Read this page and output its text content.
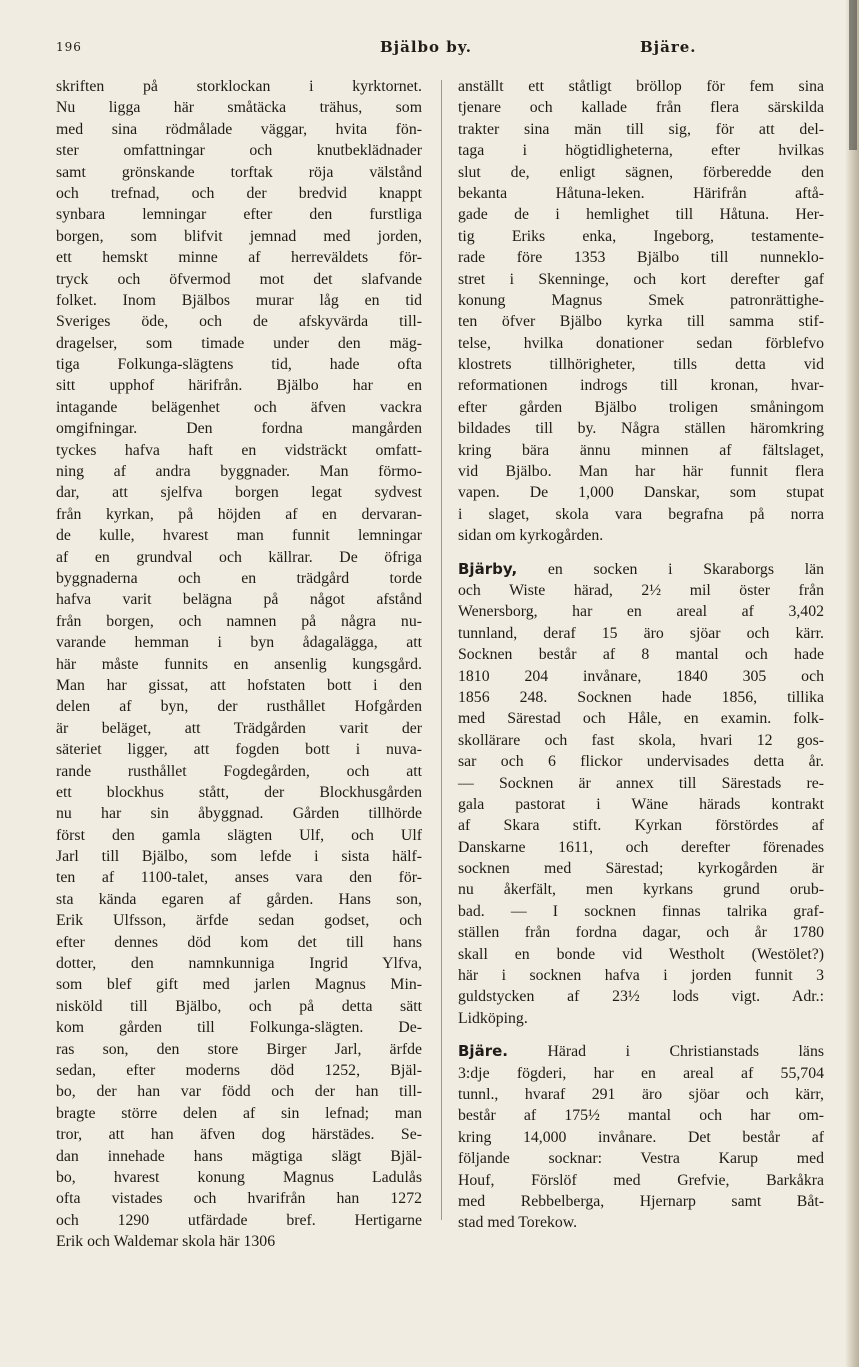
196	Bjälbo by.	Bjäre.
skriften på storklockan i kyrktornet.
Nu ligga här småtäcka trähus, som
med sina rödmålade väggar, hvita fön-
ster omfattningar och knutbeklädnader
samt grönskande torftak röja välstånd
och trefnad, och der bredvid knappt
synbara lemningar efter den furstliga
borgen, som blifvit jemnad med jorden,
ett hemskt minne af herreväldets för-
tryck och öfvermod mot det slafvande
folket. Inom Bjälbos murar låg en tid
Sveriges öde, och de afskyvärda till-
dragelser, som timade under den mäg-
tiga Folkunga-slägtens tid, hade ofta
sitt upphof härifrån. Bjälbo har en
intagande belägenhet och äfven vackra
omgifningar. Den fordna mangården
tyckes hafva haft en vidsträckt omfatt-
ning af andra byggnader. Man förmo-
dar, att sjelfva borgen legat sydvest
från kyrkan, på höjden af en dervaran-
de kulle, hvarest man funnit lemningar
af en grundval och källrar. De öfriga
byggnaderna och en trädgård torde
hafva varit belägna på något afstånd
från borgen, och namnen på några nu-
varande hemman i byn ådagalägga, att
här måste funnits en ansenlig kungsgård.
Man har gissat, att hofstaten bott i den
delen af byn, der rusthållet Hofgården
är beläget, att Trädgården varit der
säteriet ligger, att fogden bott i nuva-
rande rusthållet Fogdegården, och att
ett blockhus stått, der Blockhusgården
nu har sin åbyggnad. Gården tillhörde
först den gamla slägten Ulf, och Ulf
Jarl till Bjälbo, som lefde i sista hälf-
ten af 1100-talet, anses vara den för-
sta kända egaren af gården. Hans son,
Erik Ulfsson, ärfde sedan godset, och
efter dennes död kom det till hans
dotter, den namnkunniga Ingrid Ylfva,
som blef gift med jarlen Magnus Min-
nisköld till Bjälbo, och på detta sätt
kom gården till Folkunga-slägten. De-
ras son, den store Birger Jarl, ärfde
sedan, efter moderns död 1252, Bjäl-
bo, der han var född och der han till-
bragte större delen af sin lefnad; man
tror, att han äfven dog härstädes. Se-
dan innehade hans mägtiga slägt Bjäl-
bo, hvarest konung Magnus Ladulås
ofta vistades och hvarifrån han 1272
och 1290 utfärdade bref. Hertigarne
Erik och Waldemar skola här 1306
anställt ett ståtligt bröllop för fem sina
tjenare och kallade från flera särskilda
trakter sina män till sig, för att del-
taga i högtidligheterna, efter hvilkas
slut de, enligt sägnen, förberedde den
bekanta Håtuna-leken. Härifrån aftå-
gade de i hemlighet till Håtuna. Her-
tig Eriks enka, Ingeborg, testamente-
rade före 1353 Bjälbo till nunneklo-
stret i Skenninge, och kort derefter gaf
konung Magnus Smek patronrättighe-
ten öfver Bjälbo kyrka till samma stif-
telse, hvilka donationer sedan förblefvo
klostrets tillhörigheter, tills detta vid
reformationen indrogs till kronan, hvar-
efter gården Bjälbo troligen småningom
bildades till by. Några ställen häromkring
kring bära ännu minnen af fältslaget,
vid Bjälbo. Man har här funnit flera
vapen. De 1,000 Danskar, som stupat
i slaget, skola vara begrafna på norra
sidan om kyrkogården.
Bjärby, en socken i Skaraborgs län
och Wiste härad, 2½ mil öster från
Wenersborg, har en areal af 3,402
tunnland, deraf 15 äro sjöar och kärr.
Socknen består af 8 mantal och hade
1810 204 invånare, 1840 305 och
1856 248. Socknen hade 1856, tillika
med Särestad och Håle, en examin. folk-
skollärare och fast skola, hvari 12 gos-
sar och 6 flickor undervisades detta år.
— Socknen är annex till Särestads re-
gala pastorat i Wäne härads kontrakt
af Skara stift. Kyrkan förstördes af
Danskarne 1611, och derefter förenades
socknen med Särestad; kyrkogården är
nu åkerfält, men kyrkans grund orub-
bad. — I socknen finnas talrika graf-
ställen från fordna dagar, och år 1780
skall en bonde vid Westholt (Westölet?)
här i socknen hafva i jorden funnit 3
guldstycken af 23½ lods vigt. Adr.:
Lidköping.
Bjäre. Härad i Christianstads läns
3:dje fögderi, har en areal af 55,704
tunnl., hvaraf 291 äro sjöar och kärr,
består af 175½ mantal och har om-
kring 14,000 invånare. Det består af
följande socknar: Vestra Karup med
Houf, Förslöf med Grefvie, Barkåkra
med Rebbelberga, Hjernarp samt Båt-
stad med Torekow.
